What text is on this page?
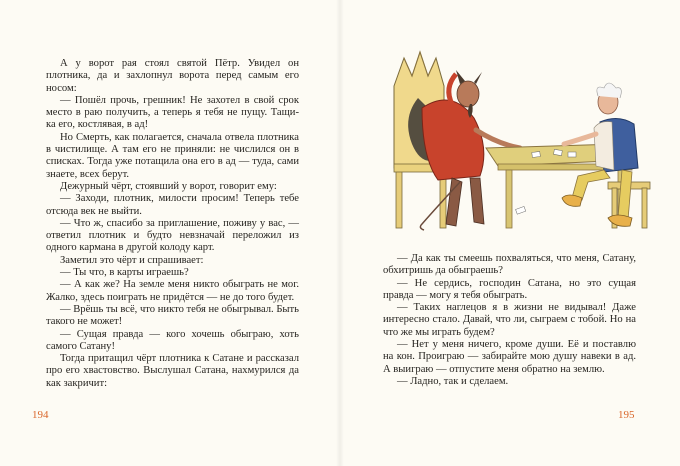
А у ворот рая стоял святой Пётр. Увидел он плотника, да и захлопнул ворота перед самым его носом:

— Пошёл прочь, грешник! Не захотел в свой срок место в раю получить, а теперь я тебя не пущу. Тащи-ка его, костлявая, в ад!

Но Смерть, как полагается, сначала отвела плотника в чистилище. А там его не приняли: не числился он в списках. Тогда уже потащила она его в ад — туда, сами знаете, всех берут.

Дежурный чёрт, стоявший у ворот, говорит ему:

— Заходи, плотник, милости просим! Теперь тебе отсюда век не выйти.

— Что ж, спасибо за приглашение, поживу у вас, — ответил плотник и будто невзначай переложил из одного кармана в другой колоду карт.

Заметил это чёрт и спрашивает:

— Ты что, в карты играешь?

— А как же? На земле меня никто обыграть не мог. Жалко, здесь поиграть не придётся — не до того будет.

— Врёшь ты всё, что никто тебя не обыгрывал. Быть такого не может!

— Сущая правда — кого хочешь обыграю, хоть самого Сатану!

Тогда притащил чёрт плотника к Сатане и рассказал про его хвастовство. Выслушал Сатана, нахмурился да как закричит:

194

— Да как ты смеешь похваляться, что меня, Сатану, обхитришь да обыграешь?

— Не сердись, господин Сатана, но это сущая правда — могу я тебя обыграть.

— Таких наглецов я в жизни не видывал! Даже интересно стало. Давай, что ли, сыграем с тобой. Но на что же мы играть будем?

— Нет у меня ничего, кроме души. Её и поставлю на кон. Проиграю — забирайте мою душу навеки в ад. А выиграю — отпустите меня обратно на землю.

— Ладно, так и сделаем.

195
